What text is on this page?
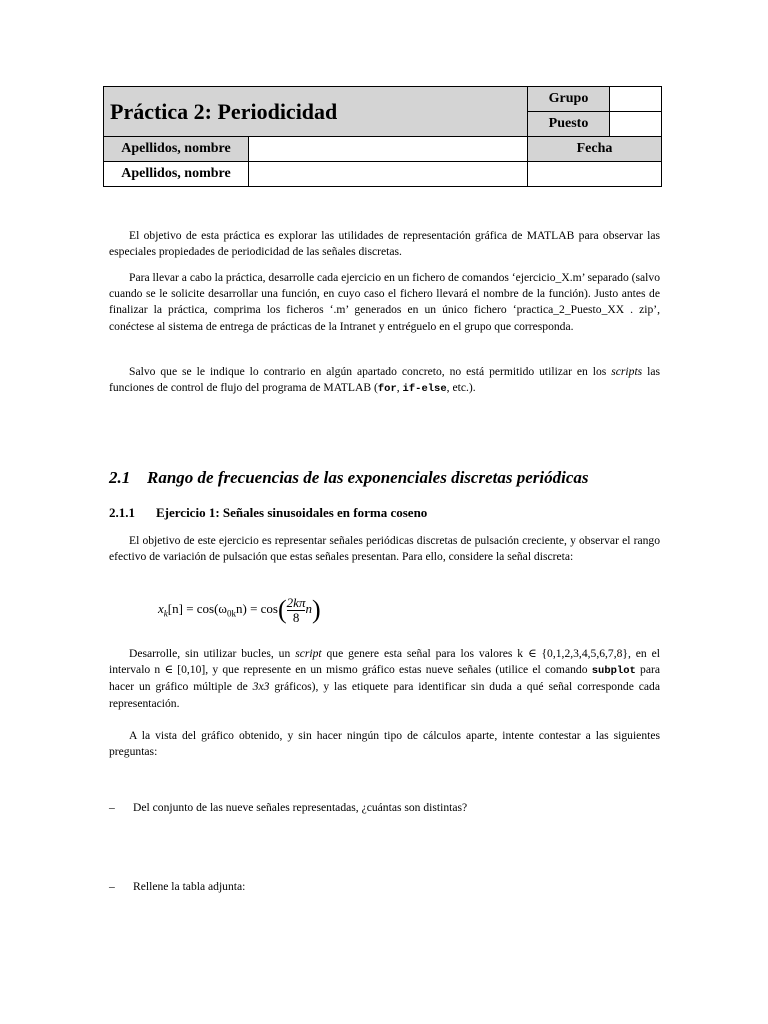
Práctica 2: Periodicidad		Grupo	
		Puesto	
Apellidos, nombre		Fecha	
Apellidos, nombre			
El objetivo de esta práctica es explorar las utilidades de representación gráfica de MATLAB para observar las especiales propiedades de periodicidad de las señales discretas.
Para llevar a cabo la práctica, desarrolle cada ejercicio en un fichero de comandos ‘ejercicio_X.m’ separado (salvo cuando se le solicite desarrollar una función, en cuyo caso el fichero llevará el nombre de la función). Justo antes de finalizar la práctica, comprima los ficheros ‘.m’ generados en un único fichero ‘practica_2_Puesto_XX . zip’, conéctese al sistema de entrega de prácticas de la Intranet y entréguelo en el grupo que corresponda.
Salvo que se le indique lo contrario en algún apartado concreto, no está permitido utilizar en los scripts las funciones de control de flujo del programa de MATLAB (for, if-else, etc.).
2.1 Rango de frecuencias de las exponenciales discretas periódicas
2.1.1 Ejercicio 1: Señales sinusoidales en forma coseno
El objetivo de este ejercicio es representar señales periódicas discretas de pulsación creciente, y observar el rango efectivo de variación de pulsación que estas señales presentan. Para ello, considere la señal discreta:
$x_k[n] = \cos(\omega_{0k}n) = \cos( \frac{2k\pi}{8} n)$
Desarrolle, sin utilizar bucles, un script que genere esta señal para los valores k ∈ {0,1,2,3,4,5,6,7,8}, en el intervalo n ∈ [0,10], y que represente en un mismo gráfico estas nueve señales (utilice el comando subplot para hacer un gráfico múltiple de 3x3 gráficos), y las etiquete para identificar sin duda a qué señal corresponde cada representación.
A la vista del gráfico obtenido, y sin hacer ningún tipo de cálculos aparte, intente contestar a las siguientes preguntas:
– Del conjunto de las nueve señales representadas, ¿cuántas son distintas?
– Rellene la tabla adjunta:
